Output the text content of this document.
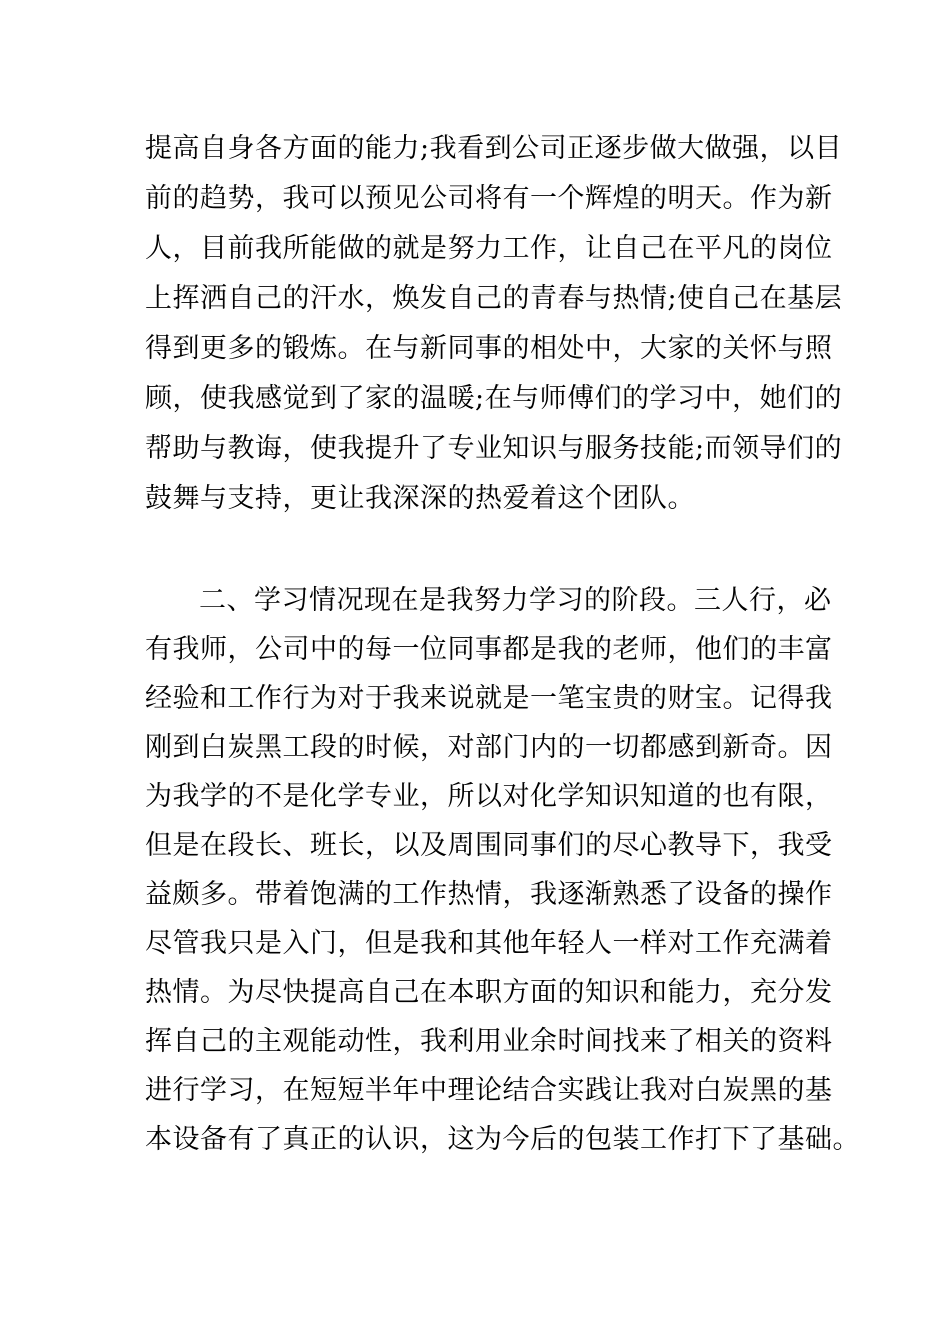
提高自身各方面的能力;我看到公司正逐步做大做强，以目
前的趋势，我可以预见公司将有一个辉煌的明天。作为新
人，目前我所能做的就是努力工作，让自己在平凡的岗位
上挥洒自己的汗水，焕发自己的青春与热情;使自己在基层
得到更多的锻炼。在与新同事的相处中，大家的关怀与照
顾，使我感觉到了家的温暖;在与师傅们的学习中，她们的
帮助与教诲，使我提升了专业知识与服务技能;而领导们的
鼓舞与支持，更让我深深的热爱着这个团队。
二、学习情况现在是我努力学习的阶段。三人行，必
有我师，公司中的每一位同事都是我的老师，他们的丰富
经验和工作行为对于我来说就是一笔宝贵的财宝。记得我
刚到白炭黑工段的时候，对部门内的一切都感到新奇。因
为我学的不是化学专业，所以对化学知识知道的也有限，
但是在段长、班长，以及周围同事们的尽心教导下，我受
益颇多。带着饱满的工作热情，我逐渐熟悉了设备的操作
尽管我只是入门，但是我和其他年轻人一样对工作充满着
热情。为尽快提高自己在本职方面的知识和能力，充分发
挥自己的主观能动性，我利用业余时间找来了相关的资料
进行学习，在短短半年中理论结合实践让我对白炭黑的基
本设备有了真正的认识，这为今后的包装工作打下了基础。
